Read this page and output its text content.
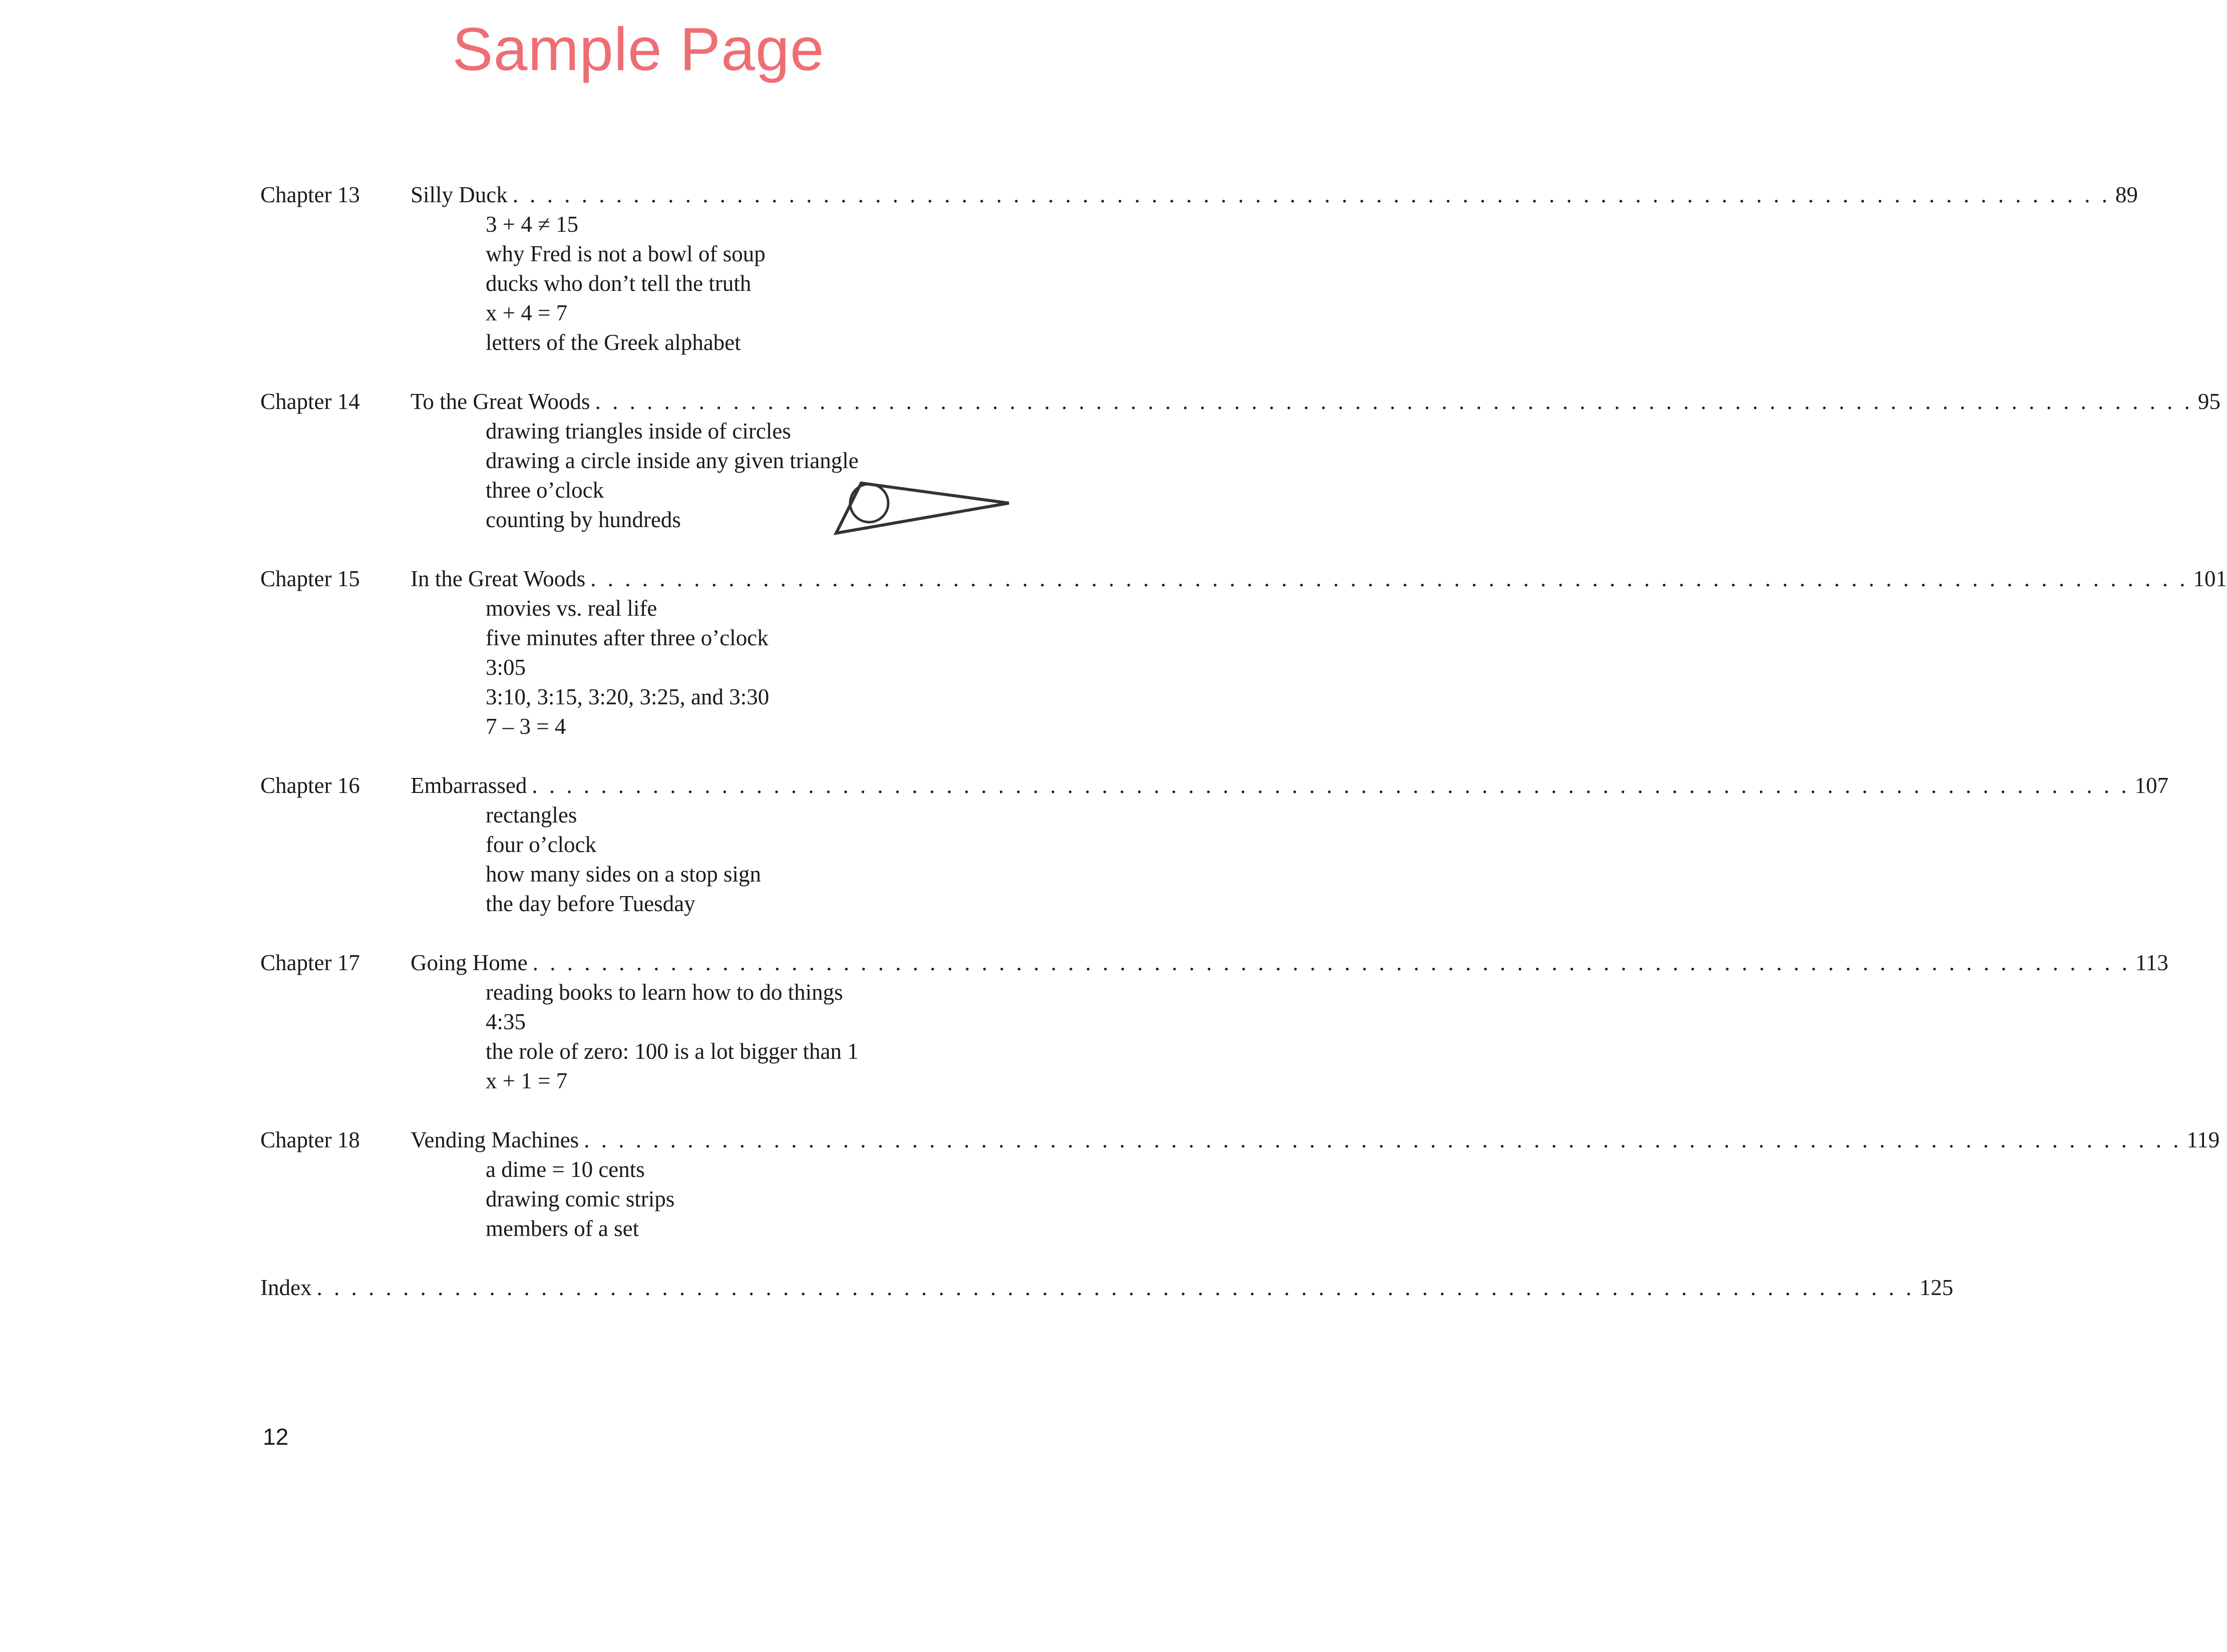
Sample Page
Chapter 13	Silly Duck . . . . . . . . . . . . . . . . . . . . . . . . . . . . . . . . . . . . . . . . . . . . . . . . . . . . . . . . . . . . . . . . . . . . . . . . . . . . . . . . . . . . . . . . . . . . . 89
3 + 4 ≠ 15
why Fred is not a bowl of soup
ducks who don’t tell the truth
x + 4 = 7
letters of the Greek alphabet
Chapter 14	To the Great Woods . . . . . . . . . . . . . . . . . . . . . . . . . . . . . . . . . . . . . . . . . . . . . . . . . . . . . . . . . . . . . . . . . . . . . . . . . . . . . . . . . . . . . . . . . . . . . 95
drawing triangles inside of circles
drawing a circle inside any given triangle
three o’clock
counting by hundreds
Chapter 15	In the Great Woods . . . . . . . . . . . . . . . . . . . . . . . . . . . . . . . . . . . . . . . . . . . . . . . . . . . . . . . . . . . . . . . . . . . . . . . . . . . . . . . . . . . . . . . . . . . . . 101
movies vs. real life
five minutes after three o’clock
3:05
3:10, 3:15, 3:20, 3:25, and 3:30
7 – 3 = 4
Chapter 16	Embarrassed . . . . . . . . . . . . . . . . . . . . . . . . . . . . . . . . . . . . . . . . . . . . . . . . . . . . . . . . . . . . . . . . . . . . . . . . . . . . . . . . . . . . . . . . . . . . . 107
rectangles
four o’clock
how many sides on a stop sign
the day before Tuesday
Chapter 17	Going Home . . . . . . . . . . . . . . . . . . . . . . . . . . . . . . . . . . . . . . . . . . . . . . . . . . . . . . . . . . . . . . . . . . . . . . . . . . . . . . . . . . . . . . . . . . . . . 113
reading books to learn how to do things
4:35
the role of zero: 100 is a lot bigger than 1
x + 1 = 7
Chapter 18	Vending Machines . . . . . . . . . . . . . . . . . . . . . . . . . . . . . . . . . . . . . . . . . . . . . . . . . . . . . . . . . . . . . . . . . . . . . . . . . . . . . . . . . . . . . . . . . . . . . 119
a dime = 10 cents
drawing comic strips
members of a set
Index . . . . . . . . . . . . . . . . . . . . . . . . . . . . . . . . . . . . . . . . . . . . . . . . . . . . . . . . . . . . . . . . . . . . . . . . . . . . . . . . . . . . . . . . . . . . . 125
12
